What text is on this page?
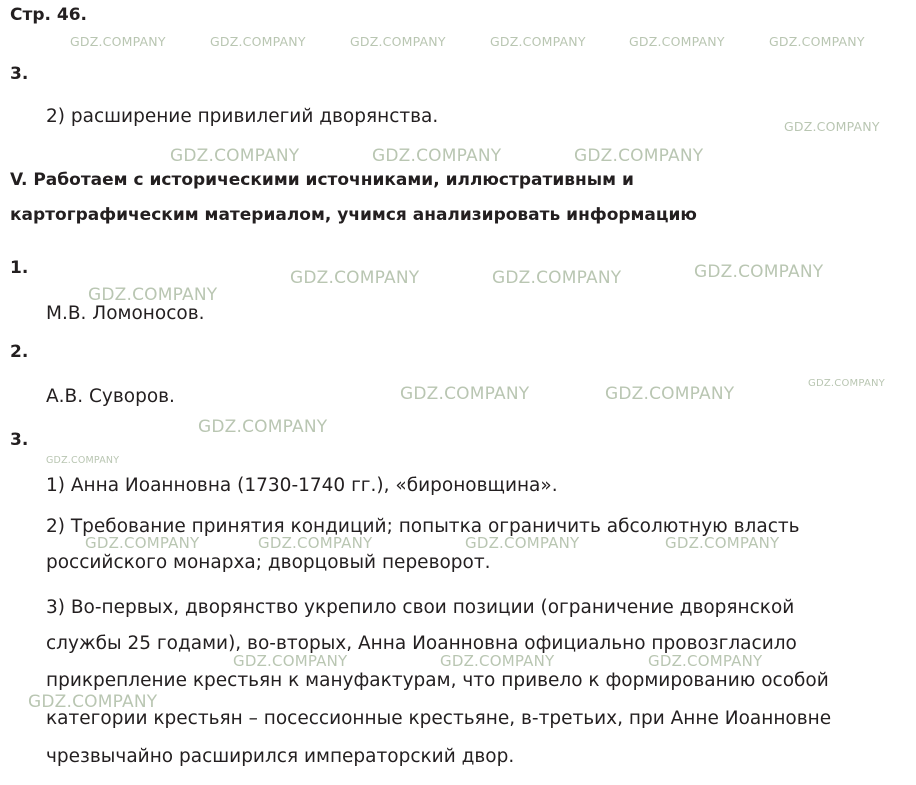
GDZ.COMPANY	GDZ.COMPANY	GDZ.COMPANY	GDZ.COMPANY	GDZ.COMPANY	GDZ.COMPANY
GDZ.COMPANY
GDZ.COMPANY	GDZ.COMPANY	GDZ.COMPANY
GDZ.COMPANY
GDZ.COMPANY	GDZ.COMPANY	GDZ.COMPANY
GDZ.COMPANY
GDZ.COMPANY	GDZ.COMPANY
GDZ.COMPANY
GDZ.COMPANY
GDZ.COMPANY	GDZ.COMPANY	GDZ.COMPANY	GDZ.COMPANY
GDZ.COMPANY	GDZ.COMPANY	GDZ.COMPANY
GDZ.COMPANY
Стр. 46.
3.
2) расширение привилегий дворянства.
V. Работаем с историческими источниками, иллюстративным и
картографическим материалом, учимся анализировать информацию
1.
М.В. Ломоносов.
2.
А.В. Суворов.
3.
1) Анна Иоанновна (1730-1740 гг.), «бироновщина».
2) Требование принятия кондиций; попытка ограничить абсолютную власть
российского монарха; дворцовый переворот.
3) Во-первых, дворянство укрепило свои позиции (ограничение дворянской
службы 25 годами), во-вторых, Анна Иоанновна официально провозгласило
прикрепление крестьян к мануфактурам, что привело к формированию особой
категории крестьян – посессионные крестьяне, в-третьих, при Анне Иоанновне
чрезвычайно расширился императорский двор.
